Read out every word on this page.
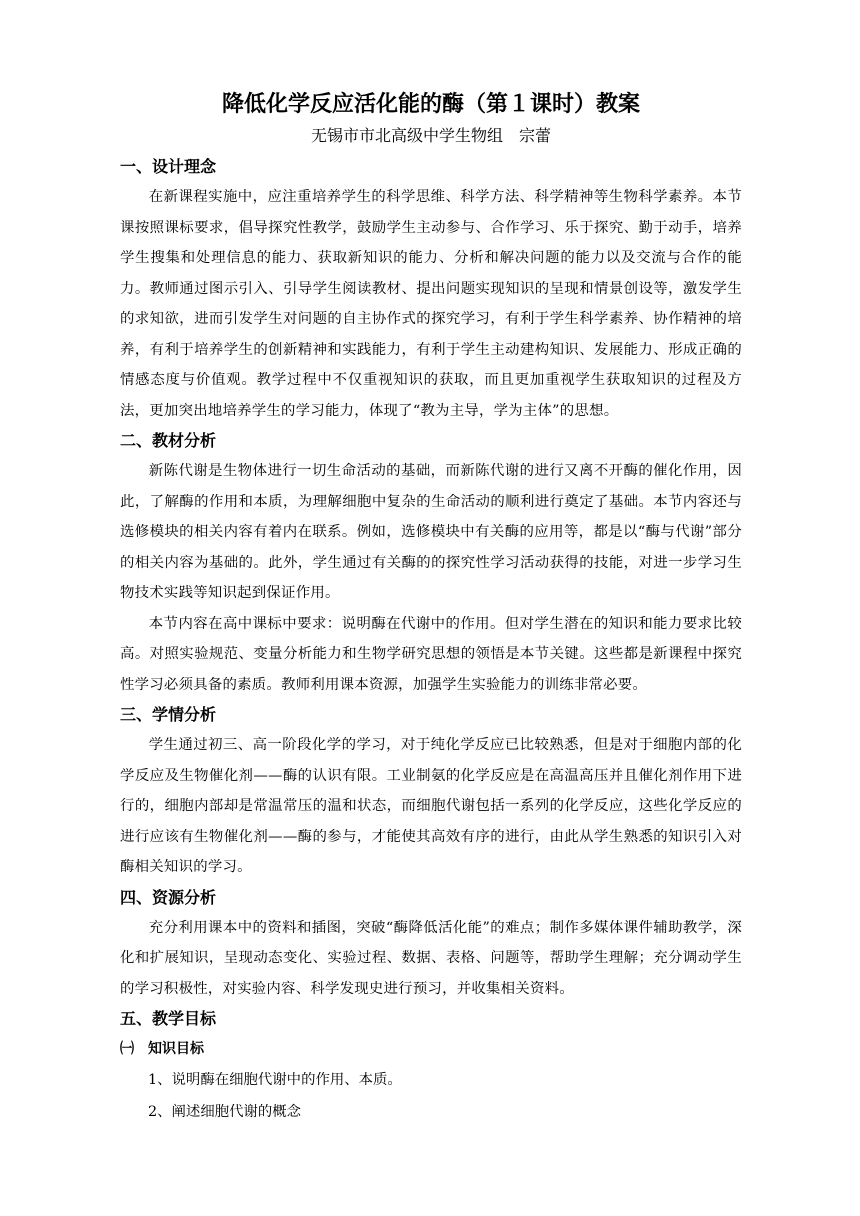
降低化学反应活化能的酶（第１课时）教案

无锡市市北高级中学生物组　宗蕾

一、设计理念

在新课程实施中，应注重培养学生的科学思维、科学方法、科学精神等生物科学素养。本节课按照课标要求，倡导探究性教学，鼓励学生主动参与、合作学习、乐于探究、勤于动手，培养学生搜集和处理信息的能力、获取新知识的能力、分析和解决问题的能力以及交流与合作的能力。教师通过图示引入、引导学生阅读教材、提出问题实现知识的呈现和情景创设等，激发学生的求知欲，进而引发学生对问题的自主协作式的探究学习，有利于学生科学素养、协作精神的培养，有利于培养学生的创新精神和实践能力，有利于学生主动建构知识、发展能力、形成正确的情感态度与价值观。教学过程中不仅重视知识的获取，而且更加重视学生获取知识的过程及方法，更加突出地培养学生的学习能力，体现了“教为主导，学为主体”的思想。

二、教材分析

新陈代谢是生物体进行一切生命活动的基础，而新陈代谢的进行又离不开酶的催化作用，因此，了解酶的作用和本质，为理解细胞中复杂的生命活动的顺利进行奠定了基础。本节内容还与选修模块的相关内容有着内在联系。例如，选修模块中有关酶的应用等，都是以“酶与代谢”部分的相关内容为基础的。此外，学生通过有关酶的的探究性学习活动获得的技能，对进一步学习生物技术实践等知识起到保证作用。

本节内容在高中课标中要求：说明酶在代谢中的作用。但对学生潜在的知识和能力要求比较高。对照实验规范、变量分析能力和生物学研究思想的领悟是本节关键。这些都是新课程中探究性学习必须具备的素质。教师利用课本资源，加强学生实验能力的训练非常必要。

三、学情分析

学生通过初三、高一阶段化学的学习，对于纯化学反应已比较熟悉，但是对于细胞内部的化学反应及生物催化剂——酶的认识有限。工业制氨的化学反应是在高温高压并且催化剂作用下进行的，细胞内部却是常温常压的温和状态，而细胞代谢包括一系列的化学反应，这些化学反应的进行应该有生物催化剂——酶的参与，才能使其高效有序的进行，由此从学生熟悉的知识引入对酶相关知识的学习。

四、资源分析

充分利用课本中的资料和插图，突破“酶降低活化能”的难点；制作多媒体课件辅助教学，深化和扩展知识，呈现动态变化、实验过程、数据、表格、问题等，帮助学生理解；充分调动学生的学习积极性，对实验内容、科学发现史进行预习，并收集相关资料。

五、教学目标
㈠　知识目标

1、说明酶在细胞代谢中的作用、本质。

2、阐述细胞代谢的概念
